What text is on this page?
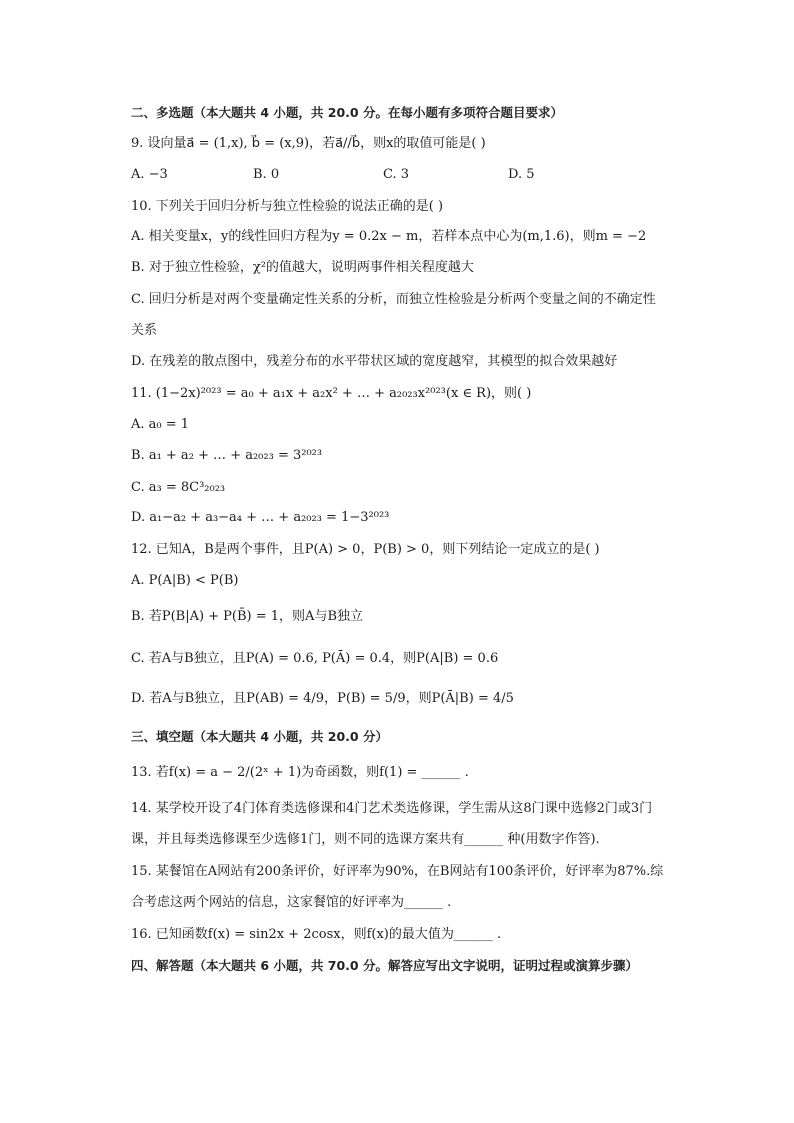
二、多选题（本大题共 4 小题，共 20.0 分。在每小题有多项符合题目要求）
9. 设向量a⃗ = (1,x), b⃗ = (x,9)，若a⃗//b⃗，则x的取值可能是( )
A. −3	B. 0	C. 3	D. 5
10. 下列关于回归分析与独立性检验的说法正确的是( )
A. 相关变量x，y的线性回归方程为y = 0.2x − m，若样本点中心为(m,1.6)，则m = −2
B. 对于独立性检验，χ²的值越大，说明两事件相关程度越大
C. 回归分析是对两个变量确定性关系的分析，而独立性检验是分析两个变量之间的不确定性
关系
D. 在残差的散点图中，残差分布的水平带状区域的宽度越窄，其模型的拟合效果越好
11. (1−2x)²⁰²³ = a₀ + a₁x + a₂x² + … + a₂₀₂₃x²⁰²³(x ∈ R)，则( )
A. a₀ = 1
B. a₁ + a₂ + … + a₂₀₂₃ = 3²⁰²³
C. a₃ = 8C³₂₀₂₃
D. a₁−a₂ + a₃−a₄ + … + a₂₀₂₃ = 1−3²⁰²³
12. 已知A，B是两个事件，且P(A) > 0，P(B) > 0，则下列结论一定成立的是( )
A. P(A|B) < P(B)
B. 若P(B|A) + P(B̄) = 1，则A与B独立
C. 若A与B独立，且P(A) = 0.6, P(Ā) = 0.4，则P(A|B) = 0.6
D. 若A与B独立，且P(AB) = 4/9，P(B) = 5/9，则P(Ā|B) = 4/5
三、填空题（本大题共 4 小题，共 20.0 分）
13. 若f(x) = a − 2/(2ˣ + 1)为奇函数，则f(1) = ______ .
14. 某学校开设了4门体育类选修课和4门艺术类选修课，学生需从这8门课中选修2门或3门
课，并且每类选修课至少选修1门，则不同的选课方案共有______ 种(用数字作答).
15. 某餐馆在A网站有200条评价，好评率为90%，在B网站有100条评价，好评率为87%.综
合考虑这两个网站的信息，这家餐馆的好评率为______ .
16. 已知函数f(x) = sin2x + 2cosx，则f(x)的最大值为______ .
四、解答题（本大题共 6 小题，共 70.0 分。解答应写出文字说明，证明过程或演算步骤）
